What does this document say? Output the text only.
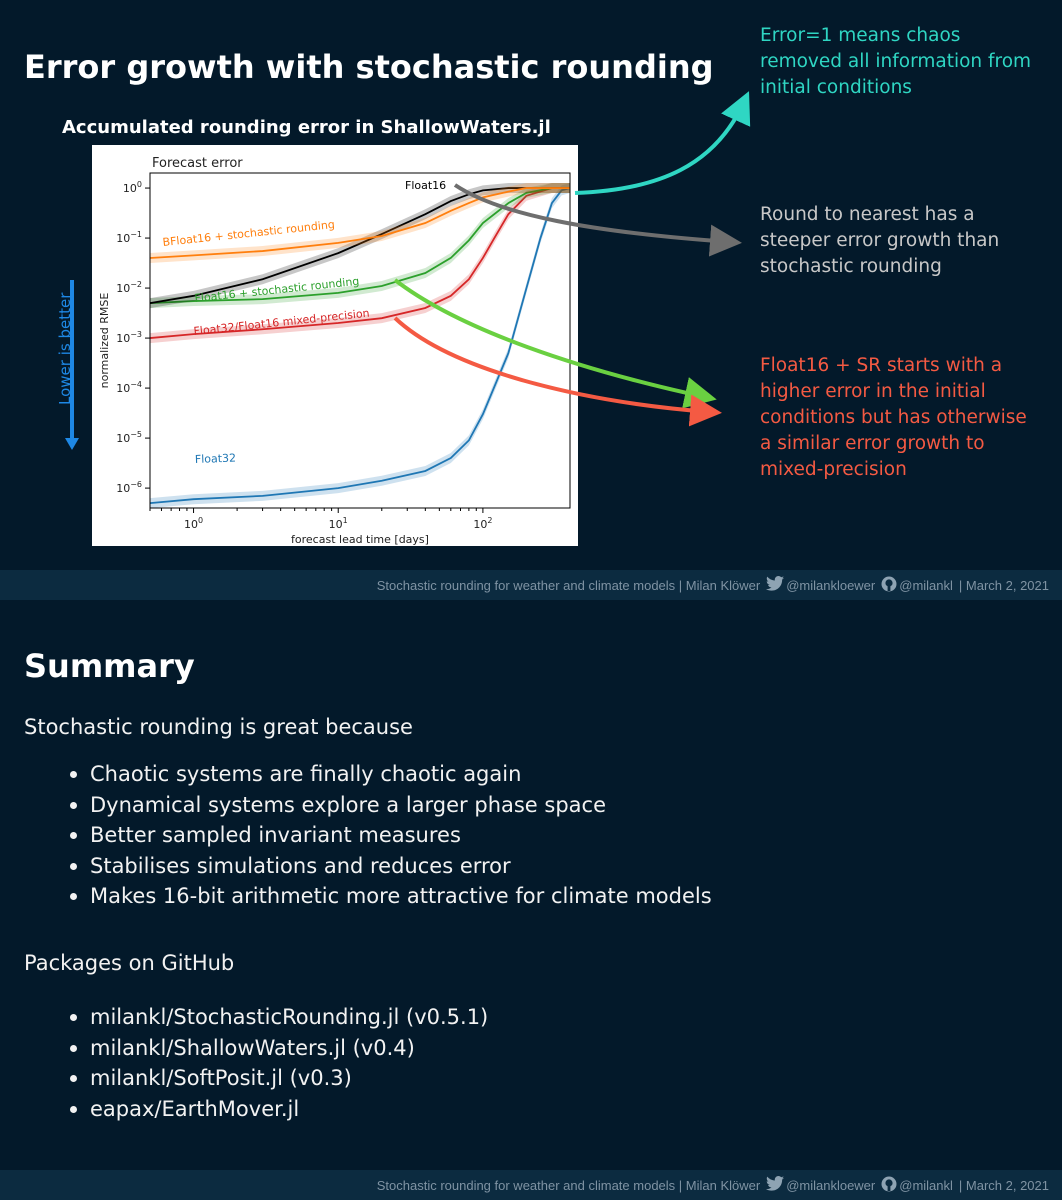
Error growth with stochastic rounding
Accumulated rounding error in ShallowWaters.jl
Forecast error
Float32
Float32/Float16 mixed-precision
Float16 + stochastic rounding
Float16
BFloat16 + stochastic rounding
$10^0$	$10^1$	$10^2$
$10^0$
$10^{-1}$
$10^{-2}$
$10^{-3}$
$10^{-4}$
$10^{-5}$
$10^{-6}$
forecast lead time [days]
normalized RMSE
Lower is better
Error=1 means chaos removed all information from initial conditions
Round to nearest has a steeper error growth than stochastic rounding
Float16 + SR starts with a higher error in the initial conditions but has otherwise a similar error growth to mixed-precision
Stochastic rounding for weather and climate models | Milan Klöwer @milankloewer @milankl | March 2, 2021
Summary

Stochastic rounding is great because

Chaotic systems are finally chaotic again
Dynamical systems explore a larger phase space
Better sampled invariant measures
Stabilises simulations and reduces error
Makes 16-bit arithmetic more attractive for climate models

Packages on GitHub

milankl/StochasticRounding.jl (v0.5.1)
milankl/ShallowWaters.jl (v0.4)
milankl/SoftPosit.jl (v0.3)
eapax/EarthMover.jl
Stochastic rounding for weather and climate models | Milan Klöwer @milankloewer @milankl | March 2, 2021
